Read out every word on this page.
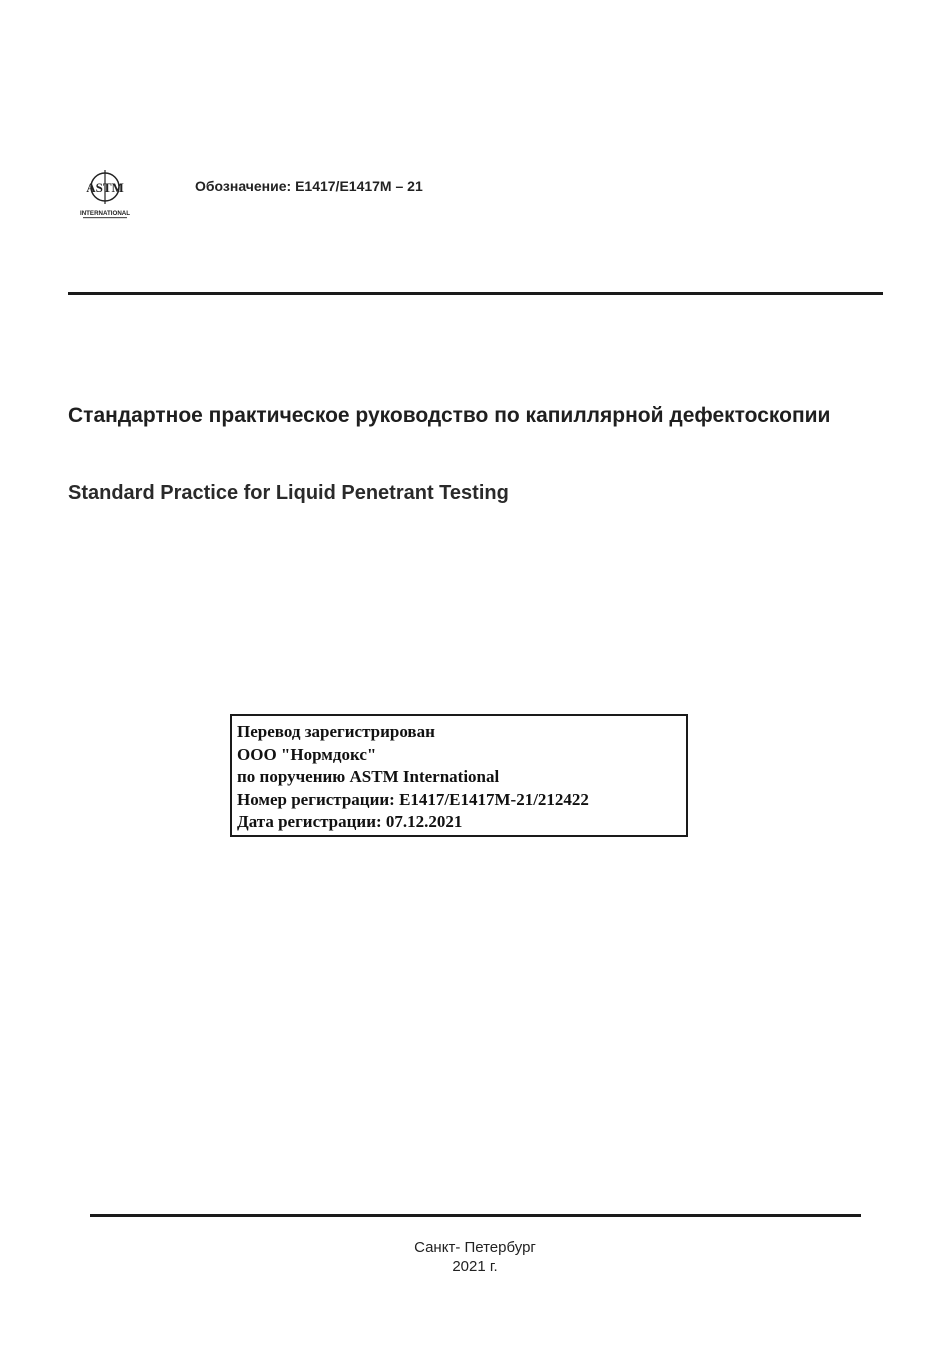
ASTM
INTERNATIONAL
Обозначение: E1417/E1417M – 21
Стандартное практическое руководство по капиллярной дефектоскопии
Standard Practice for Liquid Penetrant Testing
Перевод зарегистрирован
ООО "Нормдокс"
по поручению ASTM International
Номер регистрации: E1417/E1417M-21/212422
Дата регистрации: 07.12.2021
Санкт- Петербург
2021 г.
